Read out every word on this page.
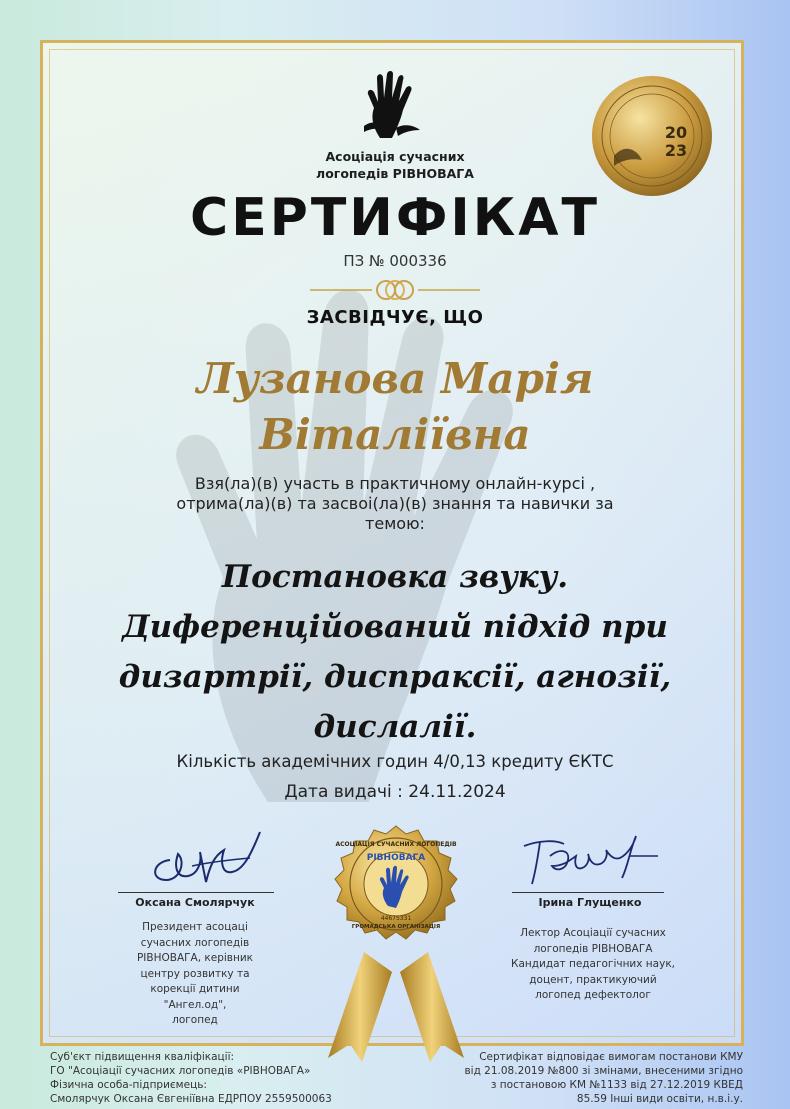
Асоціація сучасних
логопедів РІВНОВАГА
20
23
СЕРТИФІКАТ
ПЗ № 000336
ЗАСВІДЧУЄ, ЩО
Лузанова Марія
Віталіївна
Взя(ла)(в) участь в практичному онлайн-курсі ,
отрима(ла)(в) та засвоі(ла)(в) знання та навички за
темою:
Постановка звуку.
Диференційований підхід при
дизартрії, диспраксії, агнозії,
дислалії.
Кількість академічних годин 4/0,13 кредиту ЄКТС
Дата видачі : 24.11.2024
Оксана Смолярчук
Президент асоцаці
сучасних логопедів
РІВНОВАГА, керівник
центру розвитку та
корекції дитини "Ангел.од",
логопед
Ірина Глущенко
Лектор Асоціації сучасних
логопедів РІВНОВАГА
Кандидат педагогічних наук,
доцент, практикуючий
логопед дефектолог
АСОЦІАЦІЯ СУЧАСНИХ ЛОГОПЕДІВ
РІВНОВАГА
44675331
ГРОМАДСЬКА ОРГАНІЗАЦІЯ
Суб'єкт підвищення кваліфікації:
ГО "Асоціації сучасних логопедів «РІВНОВАГА»
Фізична особа-підприємець:
Смолярчук Оксана Євгеніївна ЕДРПОУ 2559500063
Сертифікат відповідає вимогам постанови КМУ
від 21.08.2019 №800 зі змінами, внесеними згідно
з постановою КМ №1133 від 27.12.2019 КВЕД
85.59 Інші види освіти, н.в.і.у.
